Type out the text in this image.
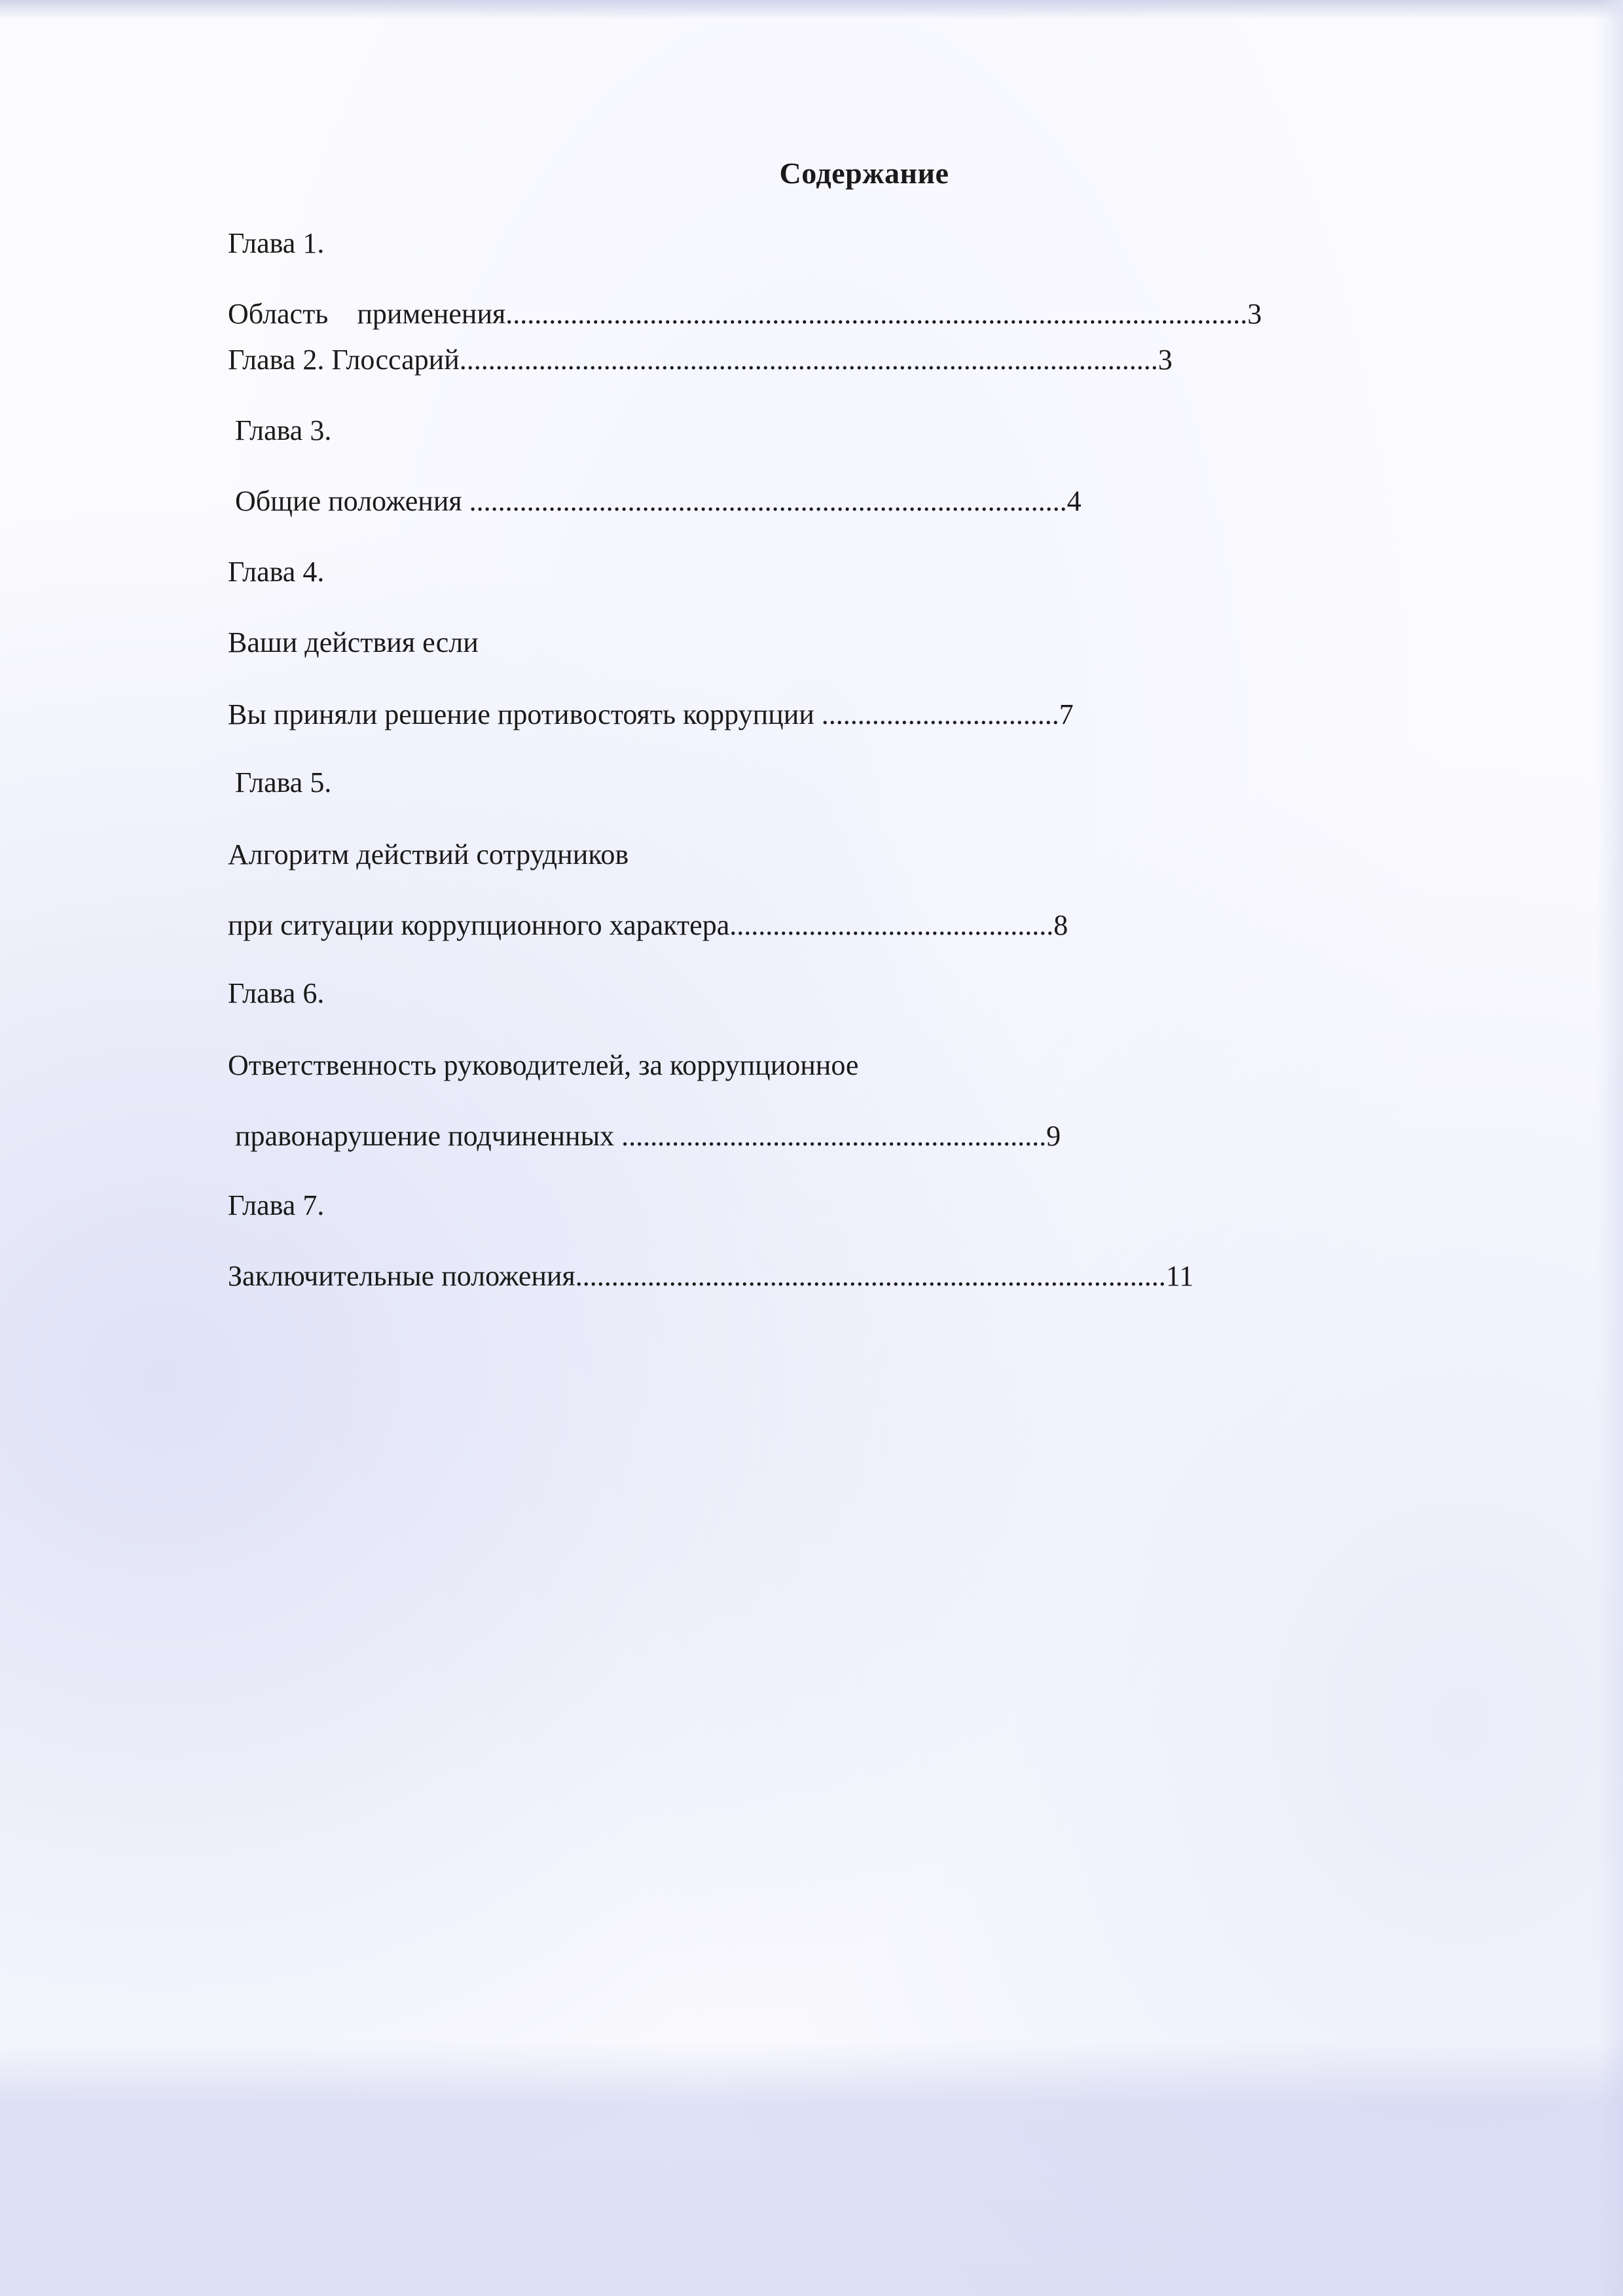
Содержание
Глава 1.
Область    применения.......................................................................................................3
Глава 2. Глоссарий.................................................................................................3
Глава 3.
Общие положения ...................................................................................4
Глава 4.
Ваши действия если
Вы приняли решение противостоять коррупции .................................7
Глава 5.
Алгоритм действий сотрудников
при ситуации коррупционного характера.............................................8
Глава 6.
Ответственность руководителей, за коррупционное
правонарушение подчиненных ...........................................................9
Глава 7.
Заключительные положения..................................................................................11
